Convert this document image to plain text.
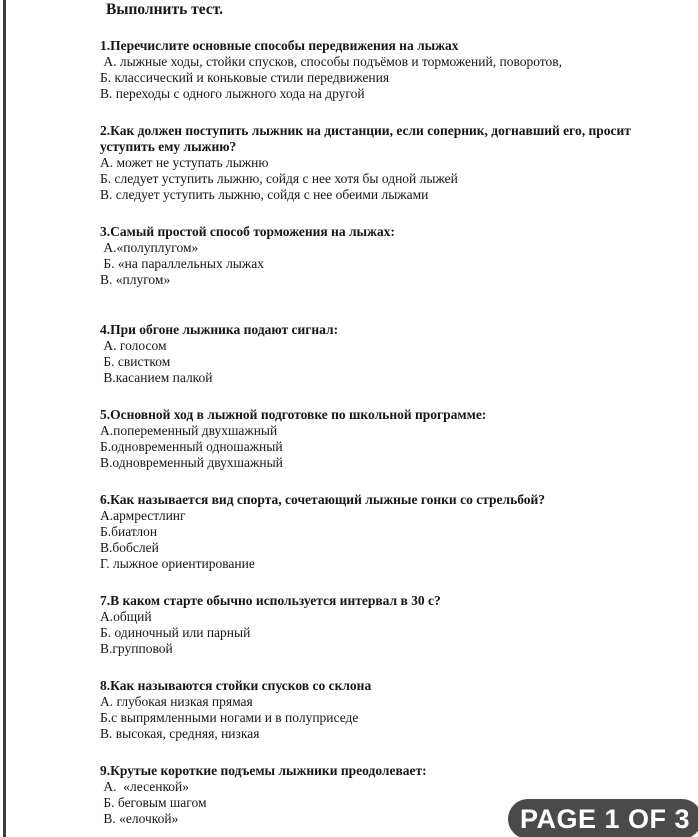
Выполнить тест.
1.Перечислите основные способы передвижения на лыжах
А. лыжные ходы, стойки спусков, способы подъёмов и торможений, поворотов,
Б. классический и коньковые стили передвижения
В. переходы с одного лыжного хода на другой
2.Как должен поступить лыжник на дистанции, если соперник, догнавший его, просит уступить ему лыжню?
А. может не уступать лыжню
Б. следует уступить лыжню, сойдя с нее хотя бы одной лыжей
В. следует уступить лыжню, сойдя с нее обеими лыжами
3.Самый простой способ торможения на лыжах:
А.«полуплугом»
Б. «на параллельных лыжах
В. «плугом»
4.При обгоне лыжника подают сигнал:
А. голосом
Б. свистком
В.касанием палкой
5.Основной ход в лыжной подготовке по школьной программе:
А.попеременный двухшажный
Б.одновременный одношажный
В.одновременный двухшажный
6.Как называется вид спорта, сочетающий лыжные гонки со стрельбой?
А.армрестлинг
Б.биатлон
В.бобслей
Г. лыжное ориентирование
7.В каком старте обычно используется интервал в 30 с?
А.общий
Б. одиночный или парный
В.групповой
8.Как называются стойки спусков со склона
А. глубокая низкая прямая
Б.с выпрямленными ногами и в полуприседе
В. высокая, средняя, низкая
9.Крутые короткие подъемы лыжники преодолевает:
А.  «лесенкой»
Б. беговым шагом
В. «елочкой»	PAGE 1 OF 3
